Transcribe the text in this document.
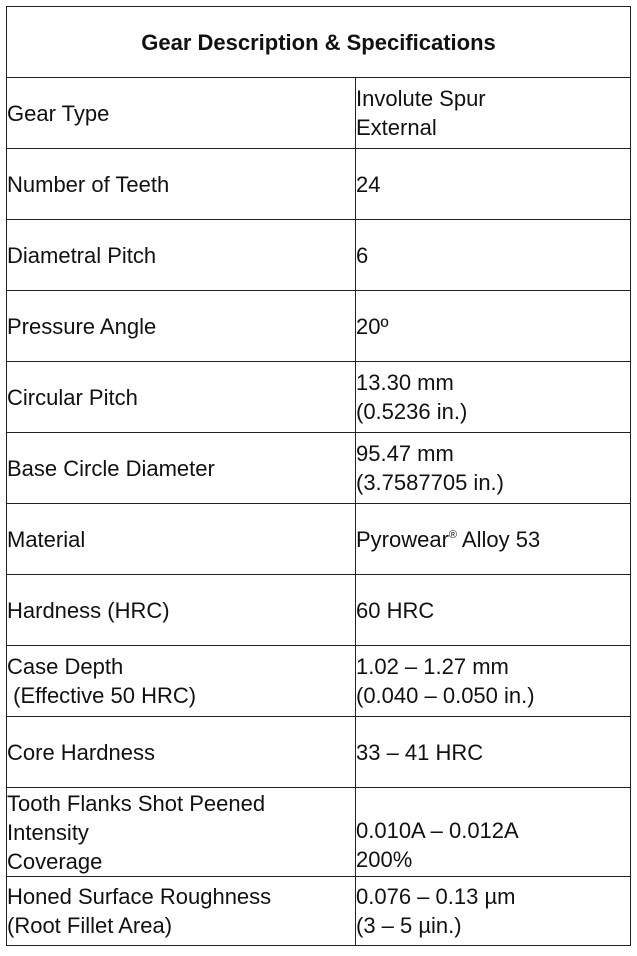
Gear Description & Specifications	
Gear Type	Involute Spur
External

Number of Teeth	24
Diametral Pitch	6
Pressure Angle	20º
Circular Pitch	13.30 mm
(0.5236 in.)

Base Circle Diameter	95.47 mm
(3.7587705 in.)

Material	Pyrowear® Alloy 53
Hardness (HRC)	60 HRC

Case Depth
(Effective 50 HRC)	1.02 – 1.27 mm
(0.040 – 0.050 in.)

Core Hardness	33 – 41 HRC

Tooth Flanks Shot Peened
Intensity
Coverage	0.010A – 0.012A
200%

Honed Surface Roughness
(Root Fillet Area)	0.076 – 0.13 µm
(3 – 5 µin.)
